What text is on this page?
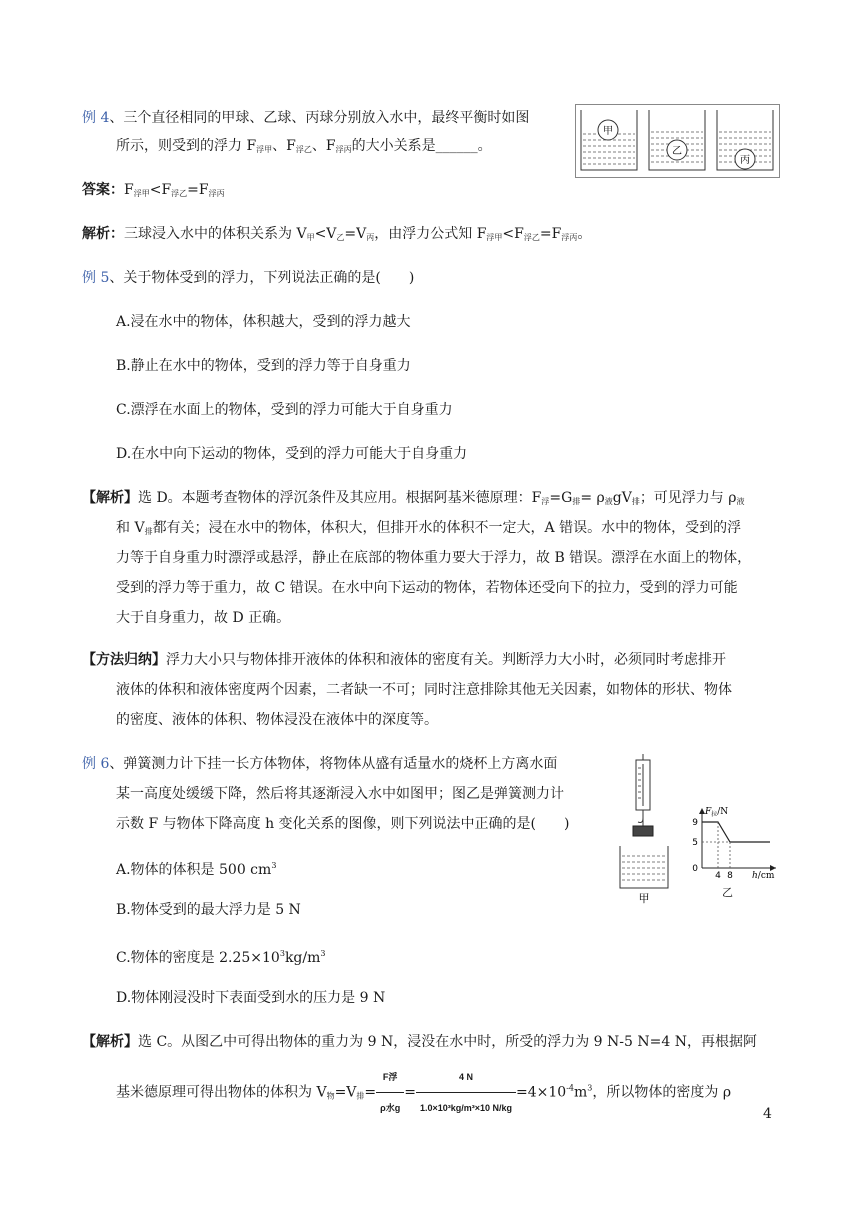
例 4、三个直径相同的甲球、乙球、丙球分别放入水中，最终平衡时如图
所示，则受到的浮力 $F_{浮甲}$、$F_{浮乙}$、$F_{浮丙}$的大小关系是______。
甲
乙
丙
答案：$F_{浮甲}<F_{浮乙}=F_{浮丙}$
解析：三球浸入水中的体积关系为 $V_甲<V_乙=V_丙$，由浮力公式知 $F_{浮甲}<F_{浮乙}=F_{浮丙}$。
例 5、关于物体受到的浮力，下列说法正确的是(　　)
A.浸在水中的物体，体积越大，受到的浮力越大
B.静止在水中的物体，受到的浮力等于自身重力
C.漂浮在水面上的物体，受到的浮力可能大于自身重力
D.在水中向下运动的物体，受到的浮力可能大于自身重力
【解析】选 D。本题考查物体的浮沉条件及其应用。根据阿基米德原理：$F_浮=G_排= \rho_液gV_排$；可见浮力与 $\rho_液$
和 $V_排$都有关；浸在水中的物体，体积大，但排开水的体积不一定大，A 错误。水中的物体，受到的浮
力等于自身重力时漂浮或悬浮，静止在底部的物体重力要大于浮力，故 B 错误。漂浮在水面上的物体，
受到的浮力等于重力，故 C 错误。在水中向下运动的物体，若物体还受向下的拉力，受到的浮力可能
大于自身重力，故 D 正确。
【方法归纳】浮力大小只与物体排开液体的体积和液体的密度有关。判断浮力大小时，必须同时考虑排开
液体的体积和液体密度两个因素，二者缺一不可；同时注意排除其他无关因素，如物体的形状、物体
的密度、液体的体积、物体浸没在液体中的深度等。
例 6、弹簧测力计下挂一长方体物体，将物体从盛有适量水的烧杯上方离水面
某一高度处缓缓下降，然后将其逐渐浸入水中如图甲；图乙是弹簧测力计
示数 F 与物体下降高度 h 变化关系的图像，则下列说法中正确的是(　　)
A.物体的体积是 500 $cm^3$
B.物体受到的最大浮力是 5 N
C.物体的密度是 $2.25\times 10^3kg/m^3$
D.物体刚浸没时下表面受到水的压力是 9 N
甲
$F_拉/N$
9
5
0
4 8 h/cm
乙
【解析】选 C。从图乙中可得出物体的重力为 9 N，浸没在水中时，所受的浮力为 9 N-5 N=4 N，再根据阿
基米德原理可得出物体的体积为 $V_物=V_排= \frac{\text{F浮}}{\text{ρ水g}} = \frac{4 N}{\text{1.0×10³kg/m³×10 N/kg}} =4\times 10^{-4}m^3$，所以物体的密度为 ρ
4
